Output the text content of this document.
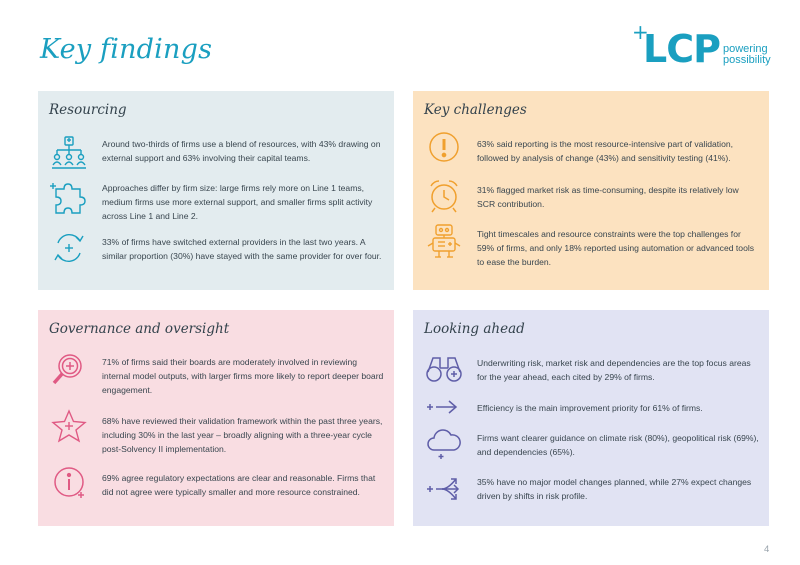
Key findings
+
LCP powering
possibility
Resourcing
Around two-thirds of firms use a blend of resources, with 43% drawing on external support and 63% involving their capital teams.
Approaches differ by firm size: large firms rely more on Line 1 teams, medium firms use more external support, and smaller firms split activity across Line 1 and Line 2.
33% of firms have switched external providers in the last two years. A similar proportion (30%) have stayed with the same provider for over four.
Key challenges
63% said reporting is the most resource-intensive part of validation, followed by analysis of change (43%) and sensitivity testing (41%).
31% flagged market risk as time-consuming, despite its relatively low SCR contribution.
Tight timescales and resource constraints were the top challenges for 59% of firms, and only 18% reported using automation or advanced tools to ease the burden.
Governance and oversight
71% of firms said their boards are moderately involved in reviewing internal model outputs, with larger firms more likely to report deeper board engagement.
68% have reviewed their validation framework within the past three years, including 30% in the last year – broadly aligning with a three-year cycle post-Solvency II implementation.
69% agree regulatory expectations are clear and reasonable. Firms that did not agree were typically smaller and more resource constrained.
Looking ahead
Underwriting risk, market risk and dependencies are the top focus areas for the year ahead, each cited by 29% of firms.
Efficiency is the main improvement priority for 61% of firms.
Firms want clearer guidance on climate risk (80%), geopolitical risk (69%), and dependencies (65%).
35% have no major model changes planned, while 27% expect changes driven by shifts in risk profile.
4
